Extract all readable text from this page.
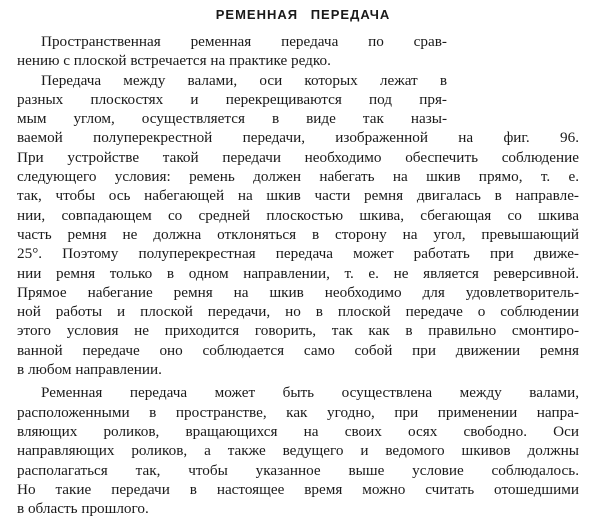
РЕМЕННАЯ ПЕРЕДАЧА
Пространственная ременная передача по срав-
нению с плоской встречается на практике редко.
Передача между валами, оси которых лежат в
разных плоскостях и перекрещиваются под пря-
мым углом, осуществляется в виде так назы-
ваемой полуперекрестной передачи, изображенной на фиг. 96.
При устройстве такой передачи необходимо обеспечить соблюдение
следующего условия: ремень должен набегать на шкив прямо, т. е.
так, чтобы ось набегающей на шкив части ремня двигалась в направле-
нии, совпадающем со средней плоскостью шкива, сбегающая со шкива
часть ремня не должна отклоняться в сторону на угол, превышающий
25°. Поэтому полуперекрестная передача может работать при движе-
нии ремня только в одном направлении, т. е. не является реверсивной.
Прямое набегание ремня на шкив необходимо для удовлетворитель-
ной работы и плоской передачи, но в плоской передаче о соблюдении
этого условия не приходится говорить, так как в правильно смонтиро-
ванной передаче оно соблюдается само собой при движении ремня
в любом направлении.
Ременная передача может быть осуществлена между валами,
расположенными в пространстве, как угодно, при применении напра-
вляющих роликов, вращающихся на своих осях свободно. Оси
направляющих роликов, а также ведущего и ведомого шкивов должны
располагаться так, чтобы указанное выше условие соблюдалось.
Но такие передачи в настоящее время можно считать отошедшими
в область прошлого.
